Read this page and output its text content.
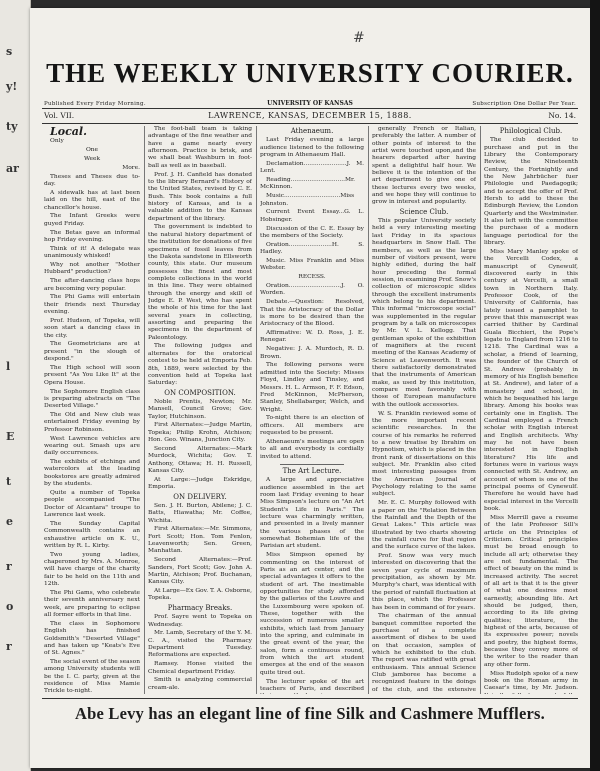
s
y!
ty
ar
l
E
t
e
r
o
r
#
THE WEEKLY UNIVERSITY COURIER.
Published Every Friday Morning.	UNIVERSITY OF KANSAS	Subscription One Dollar Per Year.
Vol. VII.	LAWRENCE, KANSAS, DECEMBER 15, 1888.	No. 14.

Local.

Only

One

Week

More.

Theses and Theses due to-day.

A sidewalk has at last been laid on the hill, east of the chancellor's house.

The Infant Greeks were guyed Friday.

The Betas gave an informal hop Friday evening.

Think of it! A delegate was unanimously whisked!

Why not another "Mother Hubbard" production?

The after-dancing class hops are becoming very popular.

The Phi Gams will entertain their friends next Thursday evening.

Prof. Hudson, of Topeka, will soon start a dancing class in the city.

The Geometricians are at present "in the slough of despond."

The High school will soon present "As You Like It" at the Opera House.

The Sophomore English class is preparing abstracts on "The Deserted Village."

The Old and New club was entertained Friday evening by Professor Robinson.

West Lawrence vehicles are wearing out. Smash ups are daily occurrences.

The exhibits of etchings and watercolors at the leading bookstores are greatly admired by the students.

Quite a number of Topeka people accompanied "The Doctor of Alcantara" troupe to Lawrence last week.

The Sunday Capital Commonwealth contains an exhaustive article on K. U., written by R. L. Kirby.

Two young ladies, chaperoned by Mrs. A. Monroe, will have charge of the charity fair to be held on the 11th and 12th.

The Phi Gams, who celebrate their seventh anniversary next week, are preparing to eclipse all former efforts in that line.

The class in Sophomore English has finished Goldsmith's "Deserted Village" and has taken up "Keats's Eve of St. Agnes."

The social event of the season among University students will be the I. C. party, given at the residence of Miss Mamie Trickle to-night.

The foot-ball team is taking advantage of the fine weather and have a game nearly every afternoon. Practice is brisk, and we shall beat Washburn in foot-ball as well as in baseball.

Prof. J. H. Canfield has donated to the library Bernard's History of the United States, revised by C. E. Bush. This book contains a full history of Kansas, and is a valuable addition to the Kansas department of the library.

The government is indebted to the natural history department of the institution for donations of five specimens of fossil leaves from the Dakota sandstone in Ellsworth county, this state. Our museum possesses the finest and most complete collections in the world in this line. They were obtained through the energy and skill of Judge E. P. West, who has spent the whole of his time for the last several years in collecting, assorting and preparing the specimens in the department of Paleontology.

The following judges and alternates for the oratorical contest to be held at Emporia Feb. 8th, 1889, were selected by the convention held at Topeka last Saturday:

ON COMPOSITION.

Noble Prentis, Newton; Mr. Mansell, Council Grove; Gov. Taylor, Hutchinson.

First Alternates:—Judge Martin, Topeka; Philip Krohn, Atchison; Hon. Geo. Winans, Junction City.

Second Alternates:—Mark Murdock, Wichita; Gov. T. Anthony, Ottawa; H. H. Russell, Kansas City.

At Large:—Judge Eskridge, Emporia.

ON DELIVERY.

Sen. J. H. Burton, Abilene; J. C. Batts, Hiawatha; Mr. Coffee, Wichita.

First Alternates:—Mr. Simmons, Fort Scott; Hon. Tom Fenlon, Leavenworth; Sen. Green, Manhattan.

Second Alternates:—Prof. Sanders, Fort Scott; Gov. John A. Martin, Atchison; Prof. Buchanan, Kansas City.

At Large—Ex Gov. T. A. Osborne, Topeka.

Pharmacy Breaks.

Prof. Sayre went to Topeka on Wednesday.

Mr. Lamb, Secretary of the Y. M. C. A., visited the Pharmacy Department Tuesday. Reformations are expected.

Ramsey. Honse visited the Chemical department Friday.

Smith is analyzing commercial cream-ale.

Athenaeum.

Last Friday evening a large audience listened to the following program in Athenaeum Hall.

Declamation.......................J. M. Lent.

Reading.............................Mr. McKinnon.

Music..............................Miss Johnston.

Current Event Essay...G. L. Hobsinger.

Discussion of the C. E. Essay by the members of the Society.

Oration.......................H. S. Hadley.

Music. Miss Franklin and Miss Webster.

RECESS.

Oration............................J. O. Worden.

Debate.—Question: Resolved, That the Aristocracy of the Dollar is more to be desired than the Aristocracy of the Blood.

Affirmative: W. D. Ross, J. E. Renegar.

Negative: J. A. Murdoch, R. D. Brown.

The following persons were admitted into the Society: Misses Floyd, Lindley and Tinsley, and Messrs. H. L. Armson, F. F. Edson, Fred McKinnon, McPherson, Stanley, Shellabarger, Welch, and Wright.

To-night there is an election of officers. All members are requested to be present.

Athenaeum's meetings are open to all and everybody is cordially invited to attend.

The Art Lecture.

A large and appreciative audience assembled in the art room last Friday evening to hear Miss Simpson's lecture on "An Art Student's Life in Paris." The lecture was charmingly written, and presented in a lively manner the various phases of the somewhat Bohemian life of the Parisian art student.

Miss Simpson opened by commenting on the interest of Paris as an art center, and the special advantages it offers to the student of art. The inestimable opportunities for study afforded by the galleries of the Louvre and the Luxembourg were spoken of. These, together with the succession of numerous smaller exhibits, which last from January into the spring, and culminate in the great event of the year, the salon, form a continuous round, from which the art student emerges at the end of the season quite tired out.

The lecturer spoke of the art teachers of Paris, and described

generally French or Italian, preferably the latter. A number of other points of interest to the artist were touched upon,and the hearers departed after having spent a delightful half hour. We believe it is the intention of the art department to give one of these lectures every two weeks, and we hope they will continue to grow in interest and popularity.

Science Club.

This popular University society held a very interesting meeting last Friday in its spacious headquarters in Snow Hall. The members, as well as the large number of visitors present, were highly edified, during the half hour preceding the formal session, in examining Prof. Snow's collection of microscopic slides through the excellent instruments which belong to his department. This informal "microscope social" was supplemented in the regular program by a talk on microscopes by Mr. V. L. Kellogg. That gentleman spoke of the exhibition of magnifiers at the recent meeting of the Kansas Academy of Science at Leavenworth. It was there satisfactorily demonstrated that the instruments of American make, as used by this institution, compare most favorably with those of European manufacture with the outlook accessories.

W. S. Franklin reviewed some of the more important recent scientific researches. In the course of his remarks he referred to a new treatise by Ibrahim on Hypnotism, which is placed in the front rank of dissertations on this subject. Mr. Franklin also cited most interesting passages from the American Journal of Psychology relating to the same subject.

Mr. E. C. Murphy followed with a paper on the "Relation Between the Rainfall and the Depth of the Great Lakes." This article was illustrated by two charts showing the rainfall curve for that region and the surface curve of the lakes.

Prof. Snow was very much interested on discovering that the seven year cycle of maximum precipitation, as shown by Mr. Murphy's chart, was identical with the period of rainfall fluctuation at this place, which the Professor has been in command of for years.

The chairman of the annual banquet committee reported the purchase of a complete assortment of dishes to be used on that occasion, samples of which he exhibited to the club. The report was ratified with great enthusiasm. This annual Science Club jamboree has become a recognized feature in the doings of the club, and the extensive

Philological Club.

The club decided to purchase and put in the Library the Contemporary Review, the Nineteenth Century, the Fortnightly and the New Jahrbücher fuer Philologie und Paedagogik; and to accept the offer of Prof. Hersh to add to these the Edinburgh Review, the London Quarterly and the Westminster. It also left with the committee the purchase of a modern language periodical for the library.

Miss Mary Manley spoke of the Vercelli Codex, a manuscript of Cynewulf, discovered early in this century at Vercelli, a small town in Northern Italy. Professor Cook, of the University of California, has lately issued a pamphlet to prove that this manuscript was carried thither by Cardinal Guala Bicchieri, the Pope's legate to England from 1216 to 1218. The Cardinal was a scholar, a friend of learning, the founder of the Church of St. Andrew (probably in memory of his English benefice at St. Andrew), and later of a monastery and school, in which he bequeathed his large library. Among his books was certainly one in English. The Cardinal employed a French scholar with English interest and English architects. Why may he not have been interested in English literature? His life and fortunes were in various ways connected with St. Andrew, an account of whom is one of the principal poems of Cynewulf. Therefore he would have had especial interest in the Vercelli book.

Miss Merrill gave a resume of the late Professor Sill's article on the Principles of Criticism. Critical principles must be broad enough to include all art; otherwise they are not fundamental. The effect of beauty on the mind is increased activity. The secret of all art is that it is the giver of what one desires most earnestly, abounding life. Art should be judged, then, according to its life giving qualities; literature, the highest of the arts, because of its expressive power; novels and poetry, the highest forms, because they convey more of the writer to the reader than any other form.

Miss Rudolph spoke of a new book on the Roman army in Caesar's time, by Mr. Judson.

Abe Levy has an elegant line of fine Silk and Cashmere Mufflers.
